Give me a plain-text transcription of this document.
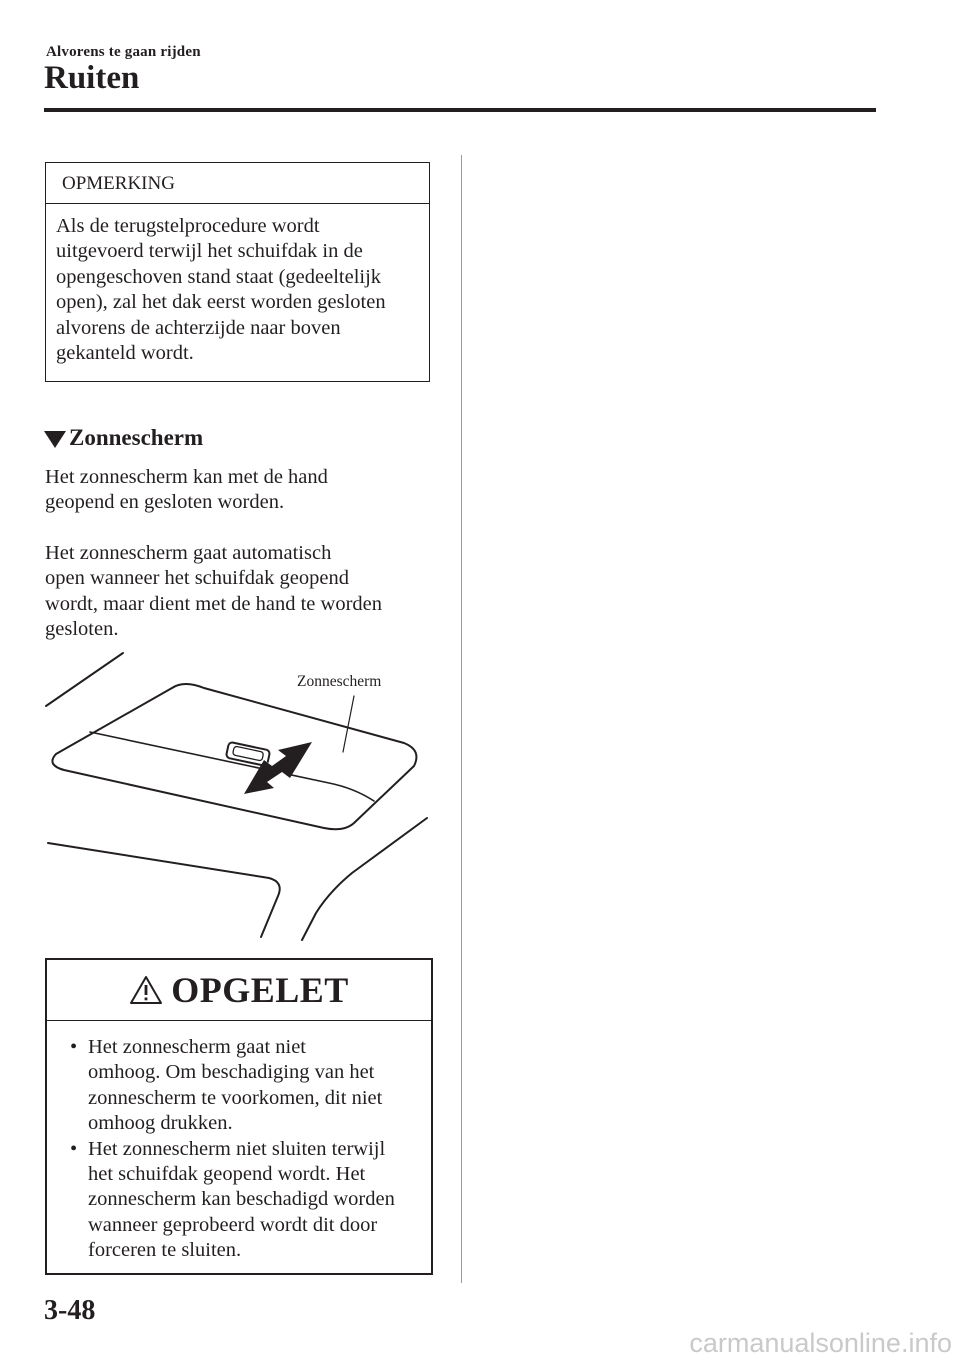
Alvorens te gaan rijden
Ruiten
OPMERKING
Als de terugstelprocedure wordt
uitgevoerd terwijl het schuifdak in de
opengeschoven stand staat (gedeeltelijk
open), zal het dak eerst worden gesloten
alvorens de achterzijde naar boven
gekanteld wordt.
Zonnescherm
Het zonnescherm kan met de hand
geopend en gesloten worden.
Het zonnescherm gaat automatisch
open wanneer het schuifdak geopend
wordt, maar dient met de hand te worden
gesloten.
Zonnescherm
OPGELET
• Het zonnescherm gaat niet
omhoog. Om beschadiging van het
zonnescherm te voorkomen, dit niet
omhoog drukken.
• Het zonnescherm niet sluiten terwijl
het schuifdak geopend wordt. Het
zonnescherm kan beschadigd worden
wanneer geprobeerd wordt dit door
forceren te sluiten.
3-48
carmanualsonline.info
